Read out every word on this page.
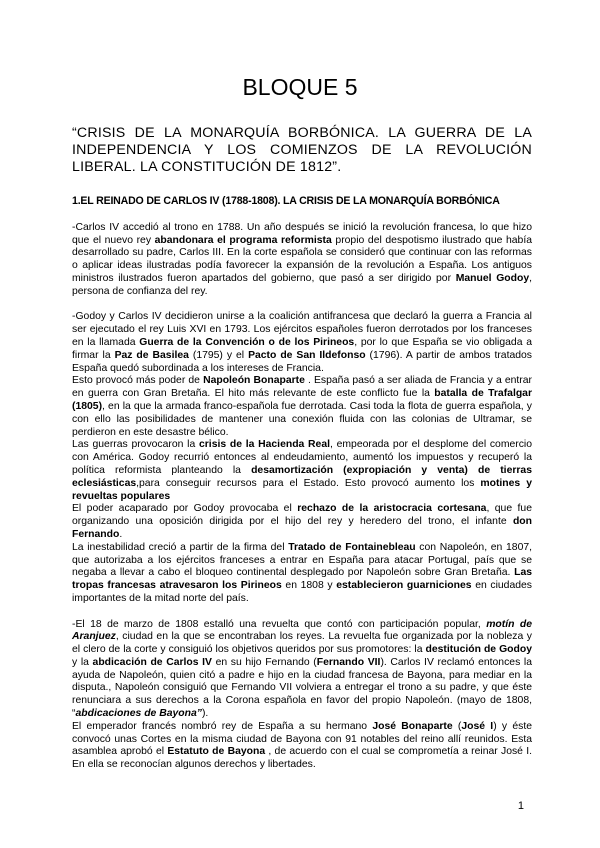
BLOQUE 5
“CRISIS DE LA MONARQUÍA BORBÓNICA. LA GUERRA DE LA INDEPENDENCIA Y LOS COMIENZOS DE LA REVOLUCIÓN LIBERAL. LA CONSTITUCIÓN DE 1812”.
1.EL REINADO DE CARLOS IV (1788-1808). LA CRISIS DE LA MONARQUÍA BORBÓNICA

-Carlos IV accedió al trono en 1788. Un año después se inició la revolución francesa, lo que hizo que el nuevo rey abandonara el programa reformista propio del despotismo ilustrado que había desarrollado su padre, Carlos III. En la corte española se consideró que continuar con las reformas o aplicar ideas ilustradas podía favorecer la expansión de la revolución a España. Los antiguos ministros ilustrados fueron apartados del gobierno, que pasó a ser dirigido por Manuel Godoy, persona de confianza del rey.

-Godoy y Carlos IV decidieron unirse a la coalición antifrancesa que declaró la guerra a Francia al ser ejecutado el rey Luis XVI en 1793. Los ejércitos españoles fueron derrotados por los franceses en la llamada Guerra de la Convención o de los Pirineos, por lo que España se vio obligada a firmar la Paz de Basilea (1795) y el Pacto de San Ildefonso (1796). A partir de ambos tratados España quedó subordinada a los intereses de Francia.

Esto provocó más poder de Napoleón Bonaparte . España pasó a ser aliada de Francia y a entrar en guerra con Gran Bretaña. El hito más relevante de este conflicto fue la batalla de Trafalgar (1805), en la que la armada franco-española fue derrotada. Casi toda la flota de guerra española, y con ello las posibilidades de mantener una conexión fluida con las colonias de Ultramar, se perdieron en este desastre bélico.

Las guerras provocaron la crisis de la Hacienda Real, empeorada por el desplome del comercio con América. Godoy recurrió entonces al endeudamiento, aumentó los impuestos y recuperó la política reformista planteando la desamortización (expropiación y venta) de tierras eclesiásticas,para conseguir recursos para el Estado. Esto provocó aumento los motines y revueltas populares

El poder acaparado por Godoy provocaba el rechazo de la aristocracia cortesana, que fue organizando una oposición dirigida por el hijo del rey y heredero del trono, el infante don Fernando.

La inestabilidad creció a partir de la firma del Tratado de Fontainebleau con Napoleón, en 1807, que autorizaba a los ejércitos franceses a entrar en España para atacar Portugal, país que se negaba a llevar a cabo el bloqueo continental desplegado por Napoleón sobre Gran Bretaña. Las tropas francesas atravesaron los Pirineos en 1808 y establecieron guarniciones en ciudades importantes de la mitad norte del país.

-El 18 de marzo de 1808 estalló una revuelta que contó con participación popular, motín de Aranjuez, ciudad en la que se encontraban los reyes. La revuelta fue organizada por la nobleza y el clero de la corte y consiguió los objetivos queridos por sus promotores: la destitución de Godoy y la abdicación de Carlos IV en su hijo Fernando (Fernando VII). Carlos IV reclamó entonces la ayuda de Napoleón, quien citó a padre e hijo en la ciudad francesa de Bayona, para mediar en la disputa., Napoleón consiguió que Fernando VII volviera a entregar el trono a su padre, y que éste renunciara a sus derechos a la Corona española en favor del propio Napoleón. (mayo de 1808, “abdicaciones de Bayona”).

El emperador francés nombró rey de España a su hermano José Bonaparte (José I) y éste convocó unas Cortes en la misma ciudad de Bayona con 91 notables del reino allí reunidos. Esta asamblea aprobó el Estatuto de Bayona , de acuerdo con el cual se comprometía a reinar José I. En ella se reconocían algunos derechos y libertades.

1
